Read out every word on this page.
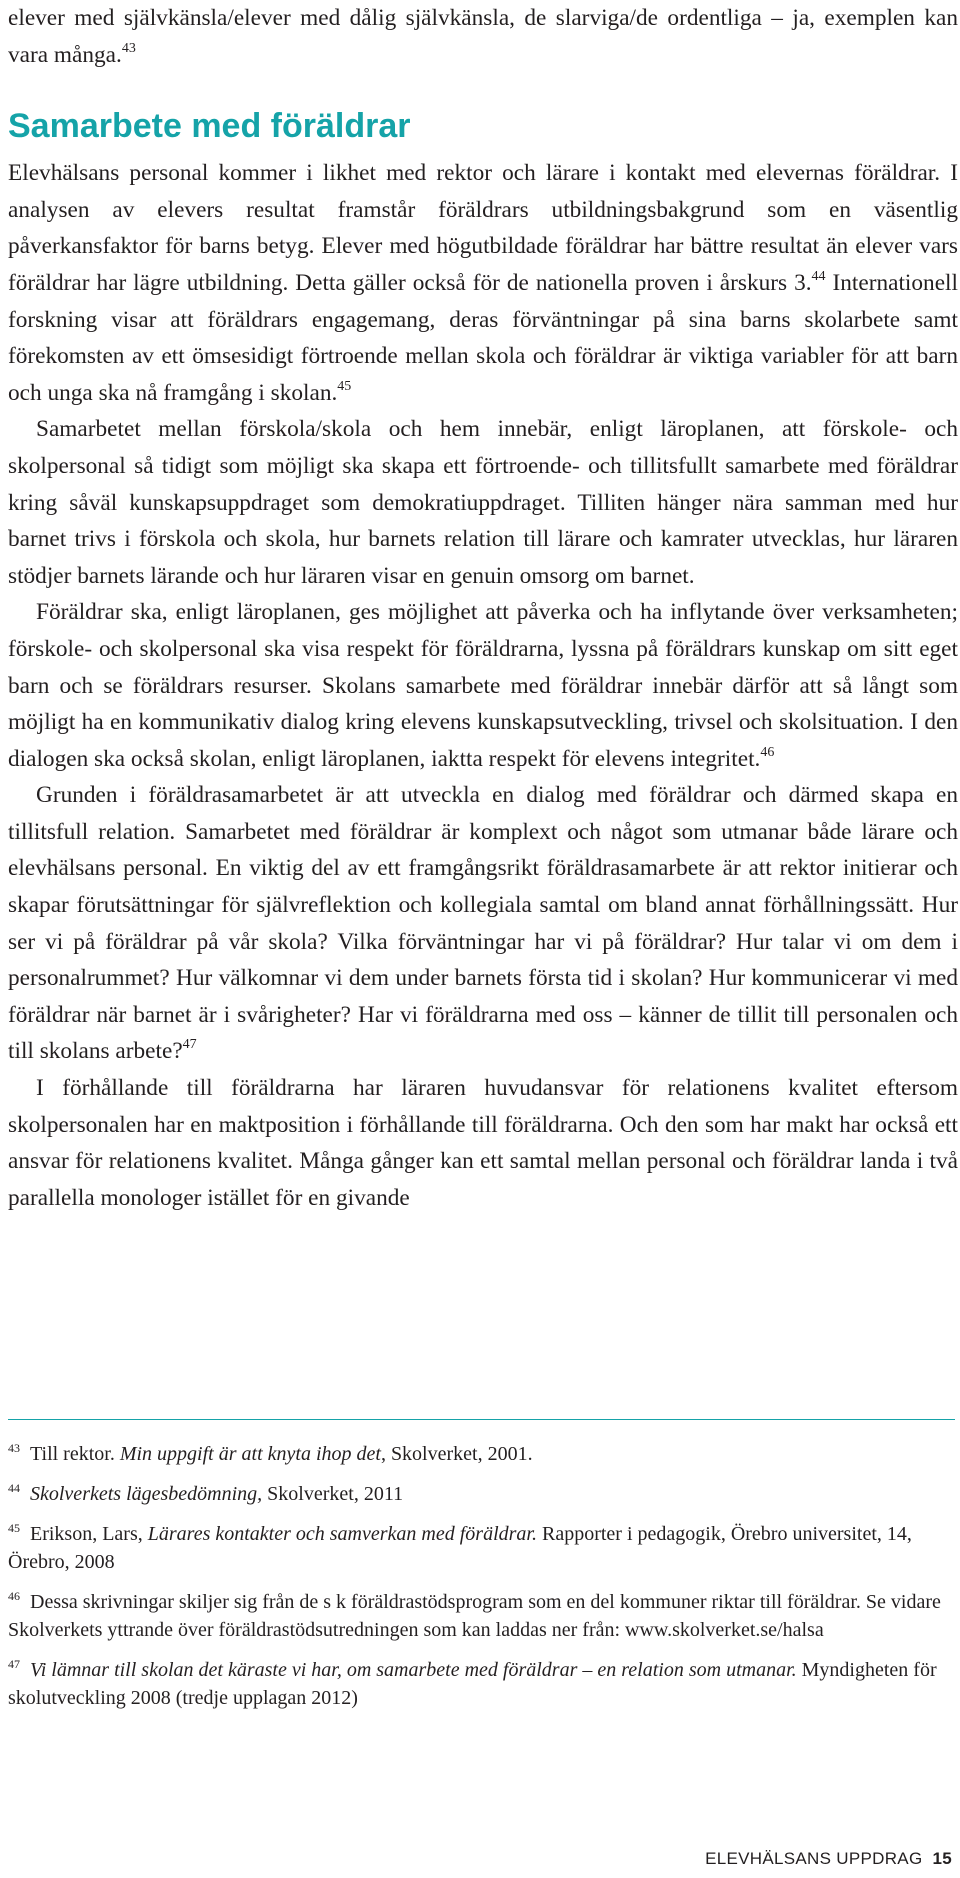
elever med självkänsla/elever med dålig självkänsla, de slarviga/de ordentliga – ja, exemplen kan vara många.$^{43}$

Samarbete med föräldrar

Elevhälsans personal kommer i likhet med rektor och lärare i kontakt med elevernas föräldrar. I analysen av elevers resultat framstår föräldrars utbildningsbakgrund som en väsentlig påverkansfaktor för barns betyg. Elever med högutbildade föräldrar har bättre resultat än elever vars föräldrar har lägre utbildning. Detta gäller också för de nationella proven i årskurs 3.44 Internationell forskning visar att föräldrars engagemang, deras förväntningar på sina barns skolarbete samt förekomsten av ett ömsesidigt förtroende mellan skola och föräldrar är viktiga variabler för att barn och unga ska nå framgång i skolan.$^{45}$

Samarbetet mellan förskola/skola och hem innebär, enligt läroplanen, att förskole- och skolpersonal så tidigt som möjligt ska skapa ett förtroende- och tillitsfullt samarbete med föräldrar kring såväl kunskapsuppdraget som demokratiuppdraget. Tilliten hänger nära samman med hur barnet trivs i förskola och skola, hur barnets relation till lärare och kamrater utvecklas, hur läraren stödjer barnets lärande och hur läraren visar en genuin omsorg om barnet.

Föräldrar ska, enligt läroplanen, ges möjlighet att påverka och ha inflytande över verksamheten; förskole- och skolpersonal ska visa respekt för föräldrarna, lyssna på föräldrars kunskap om sitt eget barn och se föräldrars resurser. Skolans samarbete med föräldrar innebär därför att så långt som möjligt ha en kommunikativ dialog kring elevens kunskapsutveckling, trivsel och skolsituation. I den dialogen ska också skolan, enligt läroplanen, iaktta respekt för elevens integritet.$^{46}$

Grunden i föräldrasamarbetet är att utveckla en dialog med föräldrar och därmed skapa en tillitsfull relation. Samarbetet med föräldrar är komplext och något som utmanar både lärare och elevhälsans personal. En viktig del av ett framgångsrikt föräldrasamarbete är att rektor initierar och skapar förutsättningar för självreflektion och kollegiala samtal om bland annat förhållningssätt. Hur ser vi på föräldrar på vår skola? Vilka förväntningar har vi på föräldrar? Hur talar vi om dem i personalrummet? Hur välkomnar vi dem under barnets första tid i skolan? Hur kommunicerar vi med föräldrar när barnet är i svårigheter? Har vi föräldrarna med oss – känner de tillit till personalen och till skolans arbete?$^{47}$

I förhållande till föräldrarna har läraren huvudansvar för relationens kvalitet eftersom skolpersonalen har en maktposition i förhållande till föräldrarna. Och den som har makt har också ett ansvar för relationens kvalitet. Många gånger kan ett samtal mellan personal och föräldrar landa i två parallella monologer istället för en givande

$^{43}$ Till rektor. Min uppgift är att knyta ihop det, Skolverket, 2001.

$^{44}$ Skolverkets lägesbedömning, Skolverket, 2011

$^{45}$ Erikson, Lars, Lärares kontakter och samverkan med föräldrar. Rapporter i pedagogik, Örebro universitet, 14, Örebro, 2008

$^{46}$ Dessa skrivningar skiljer sig från de s k föräldrastödsprogram som en del kommuner riktar till föräldrar. Se vidare Skolverkets yttrande över föräldrastödsutredningen som kan laddas ner från: www.skolverket.se/halsa

$^{47}$ Vi lämnar till skolan det käraste vi har, om samarbete med föräldrar – en relation som utmanar. Myndigheten för skolutveckling 2008 (tredje upplagan 2012)

ELEVHÄLSANS UPPDRAG 15
